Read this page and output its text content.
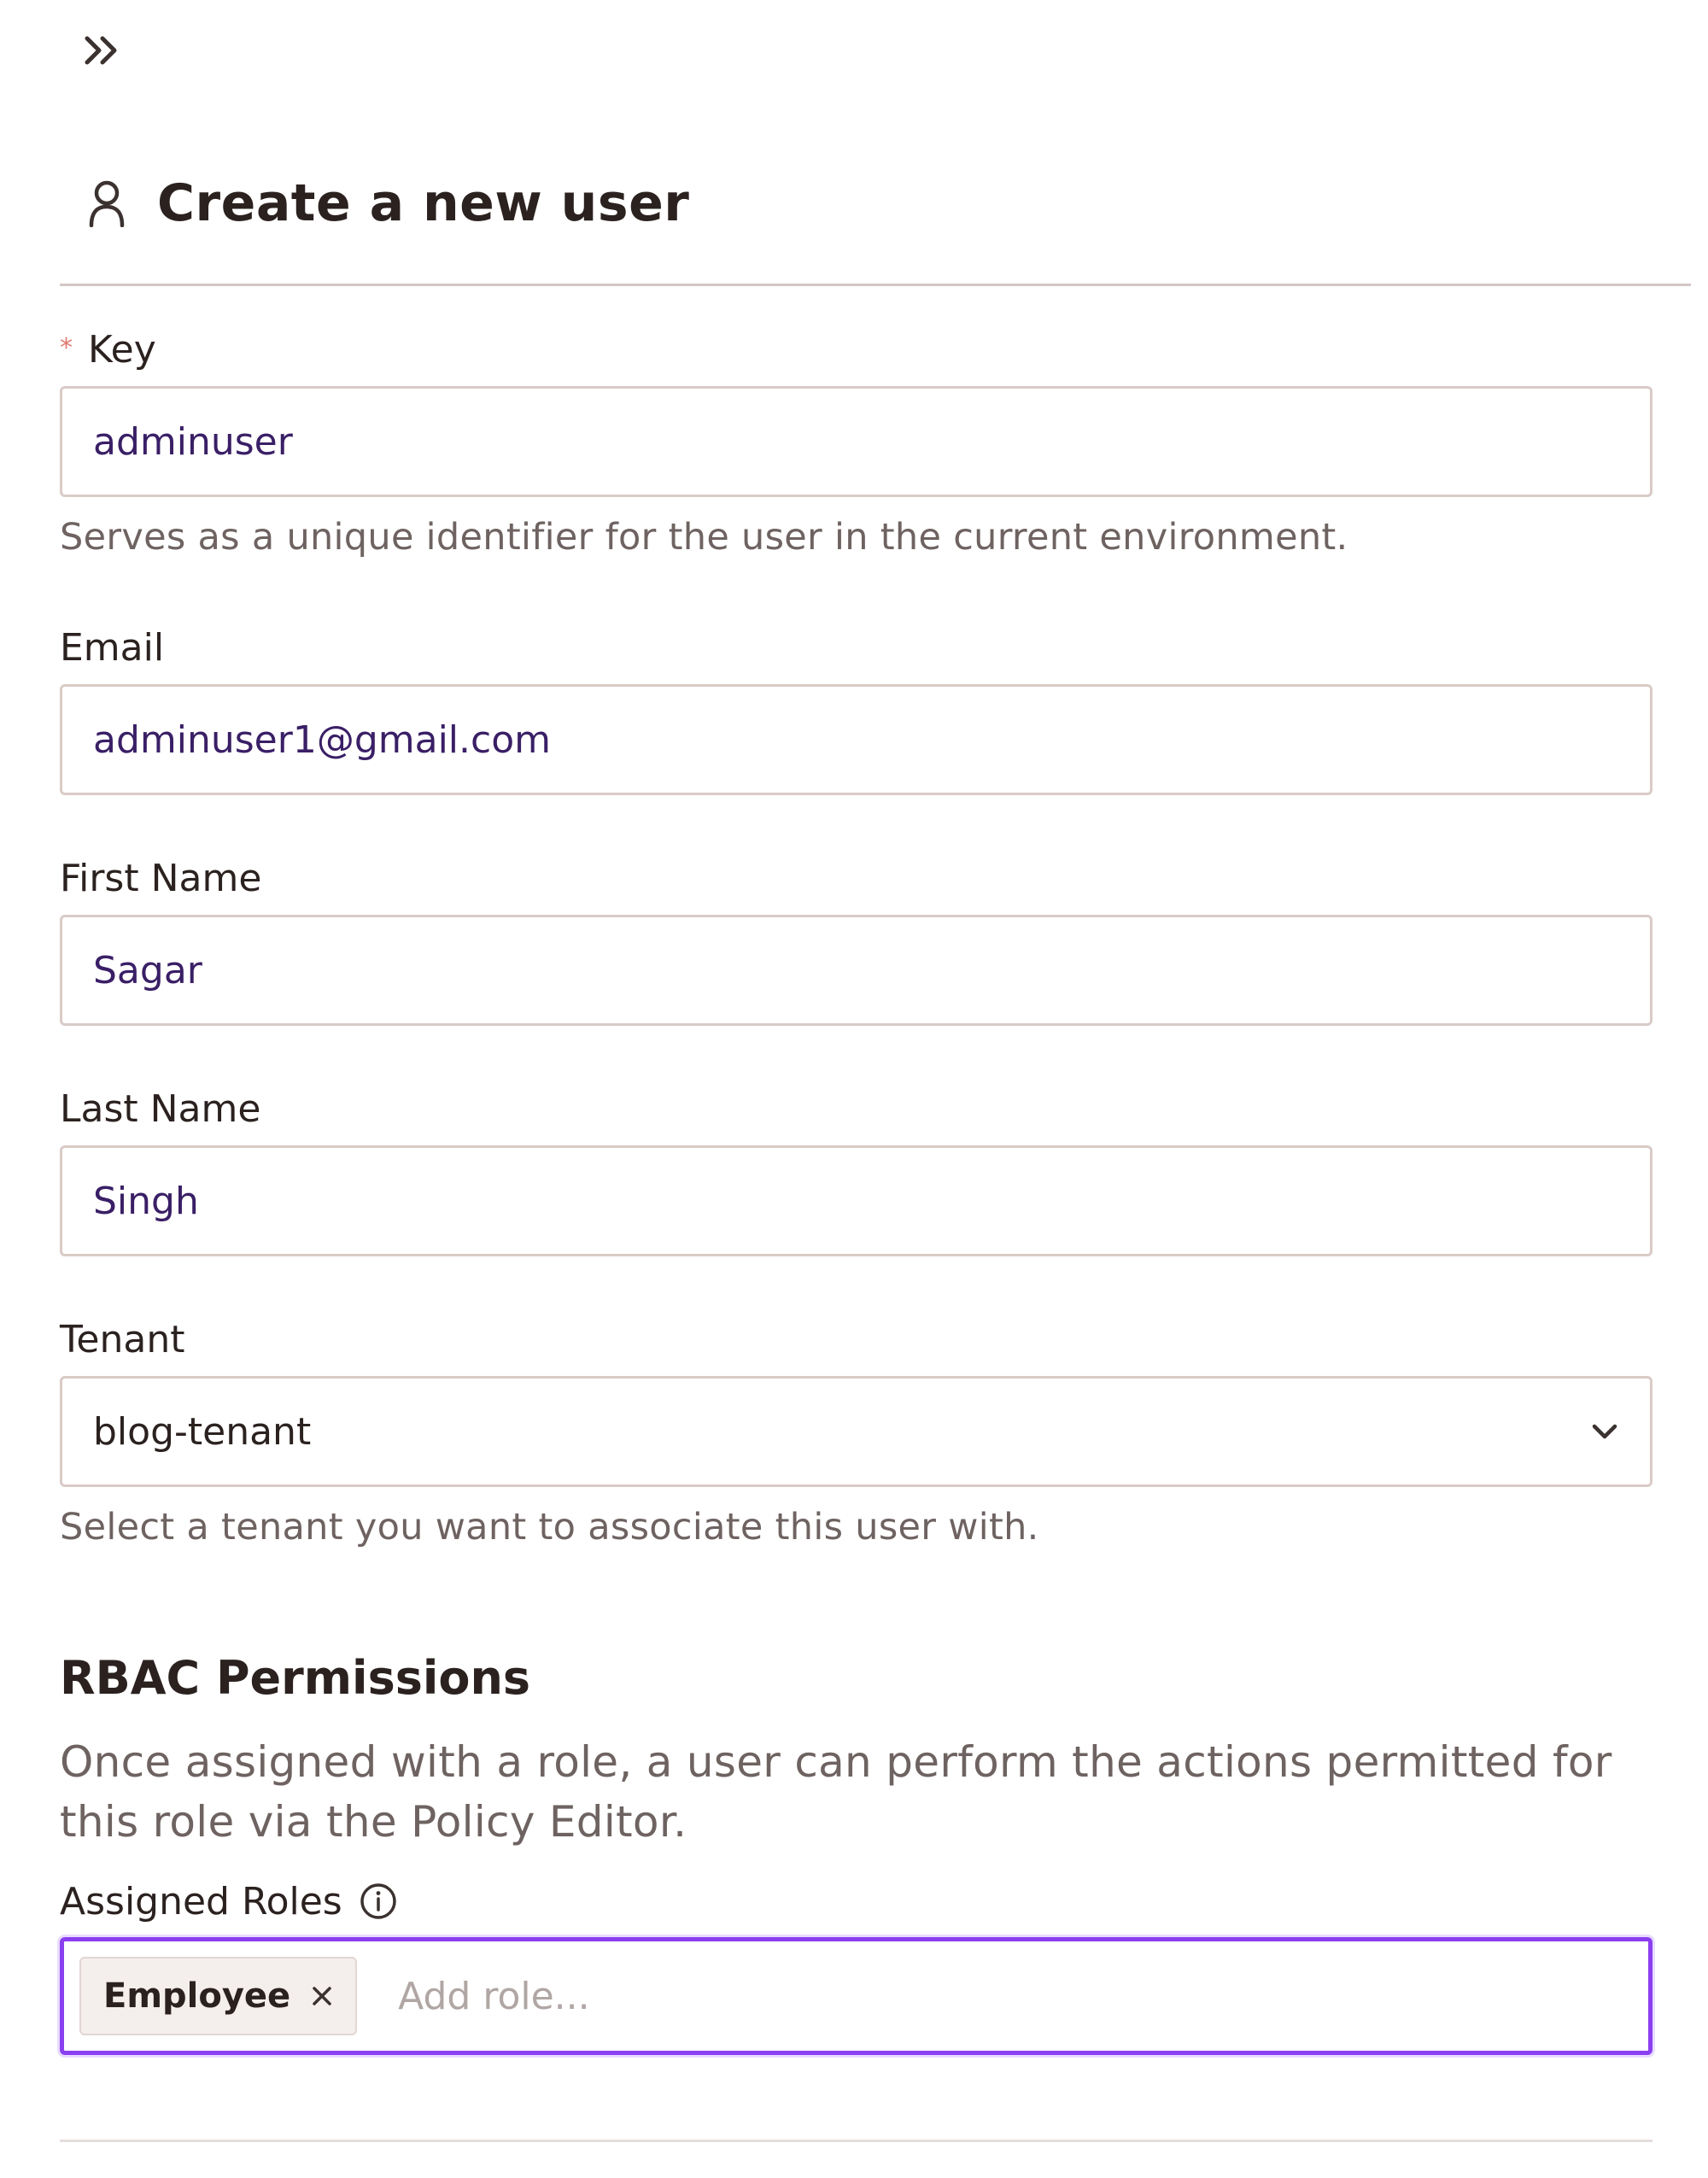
Create a new user
* Key
adminuser
Serves as a unique identifier for the user in the current environment.
Email
adminuser1@gmail.com
First Name
Sagar
Last Name
Singh
Tenant
blog-tenant
Select a tenant you want to associate this user with.
RBAC Permissions
Once assigned with a role, a user can perform the actions permitted for this role via the Policy Editor.
Assigned Roles
Employee
Add role...
